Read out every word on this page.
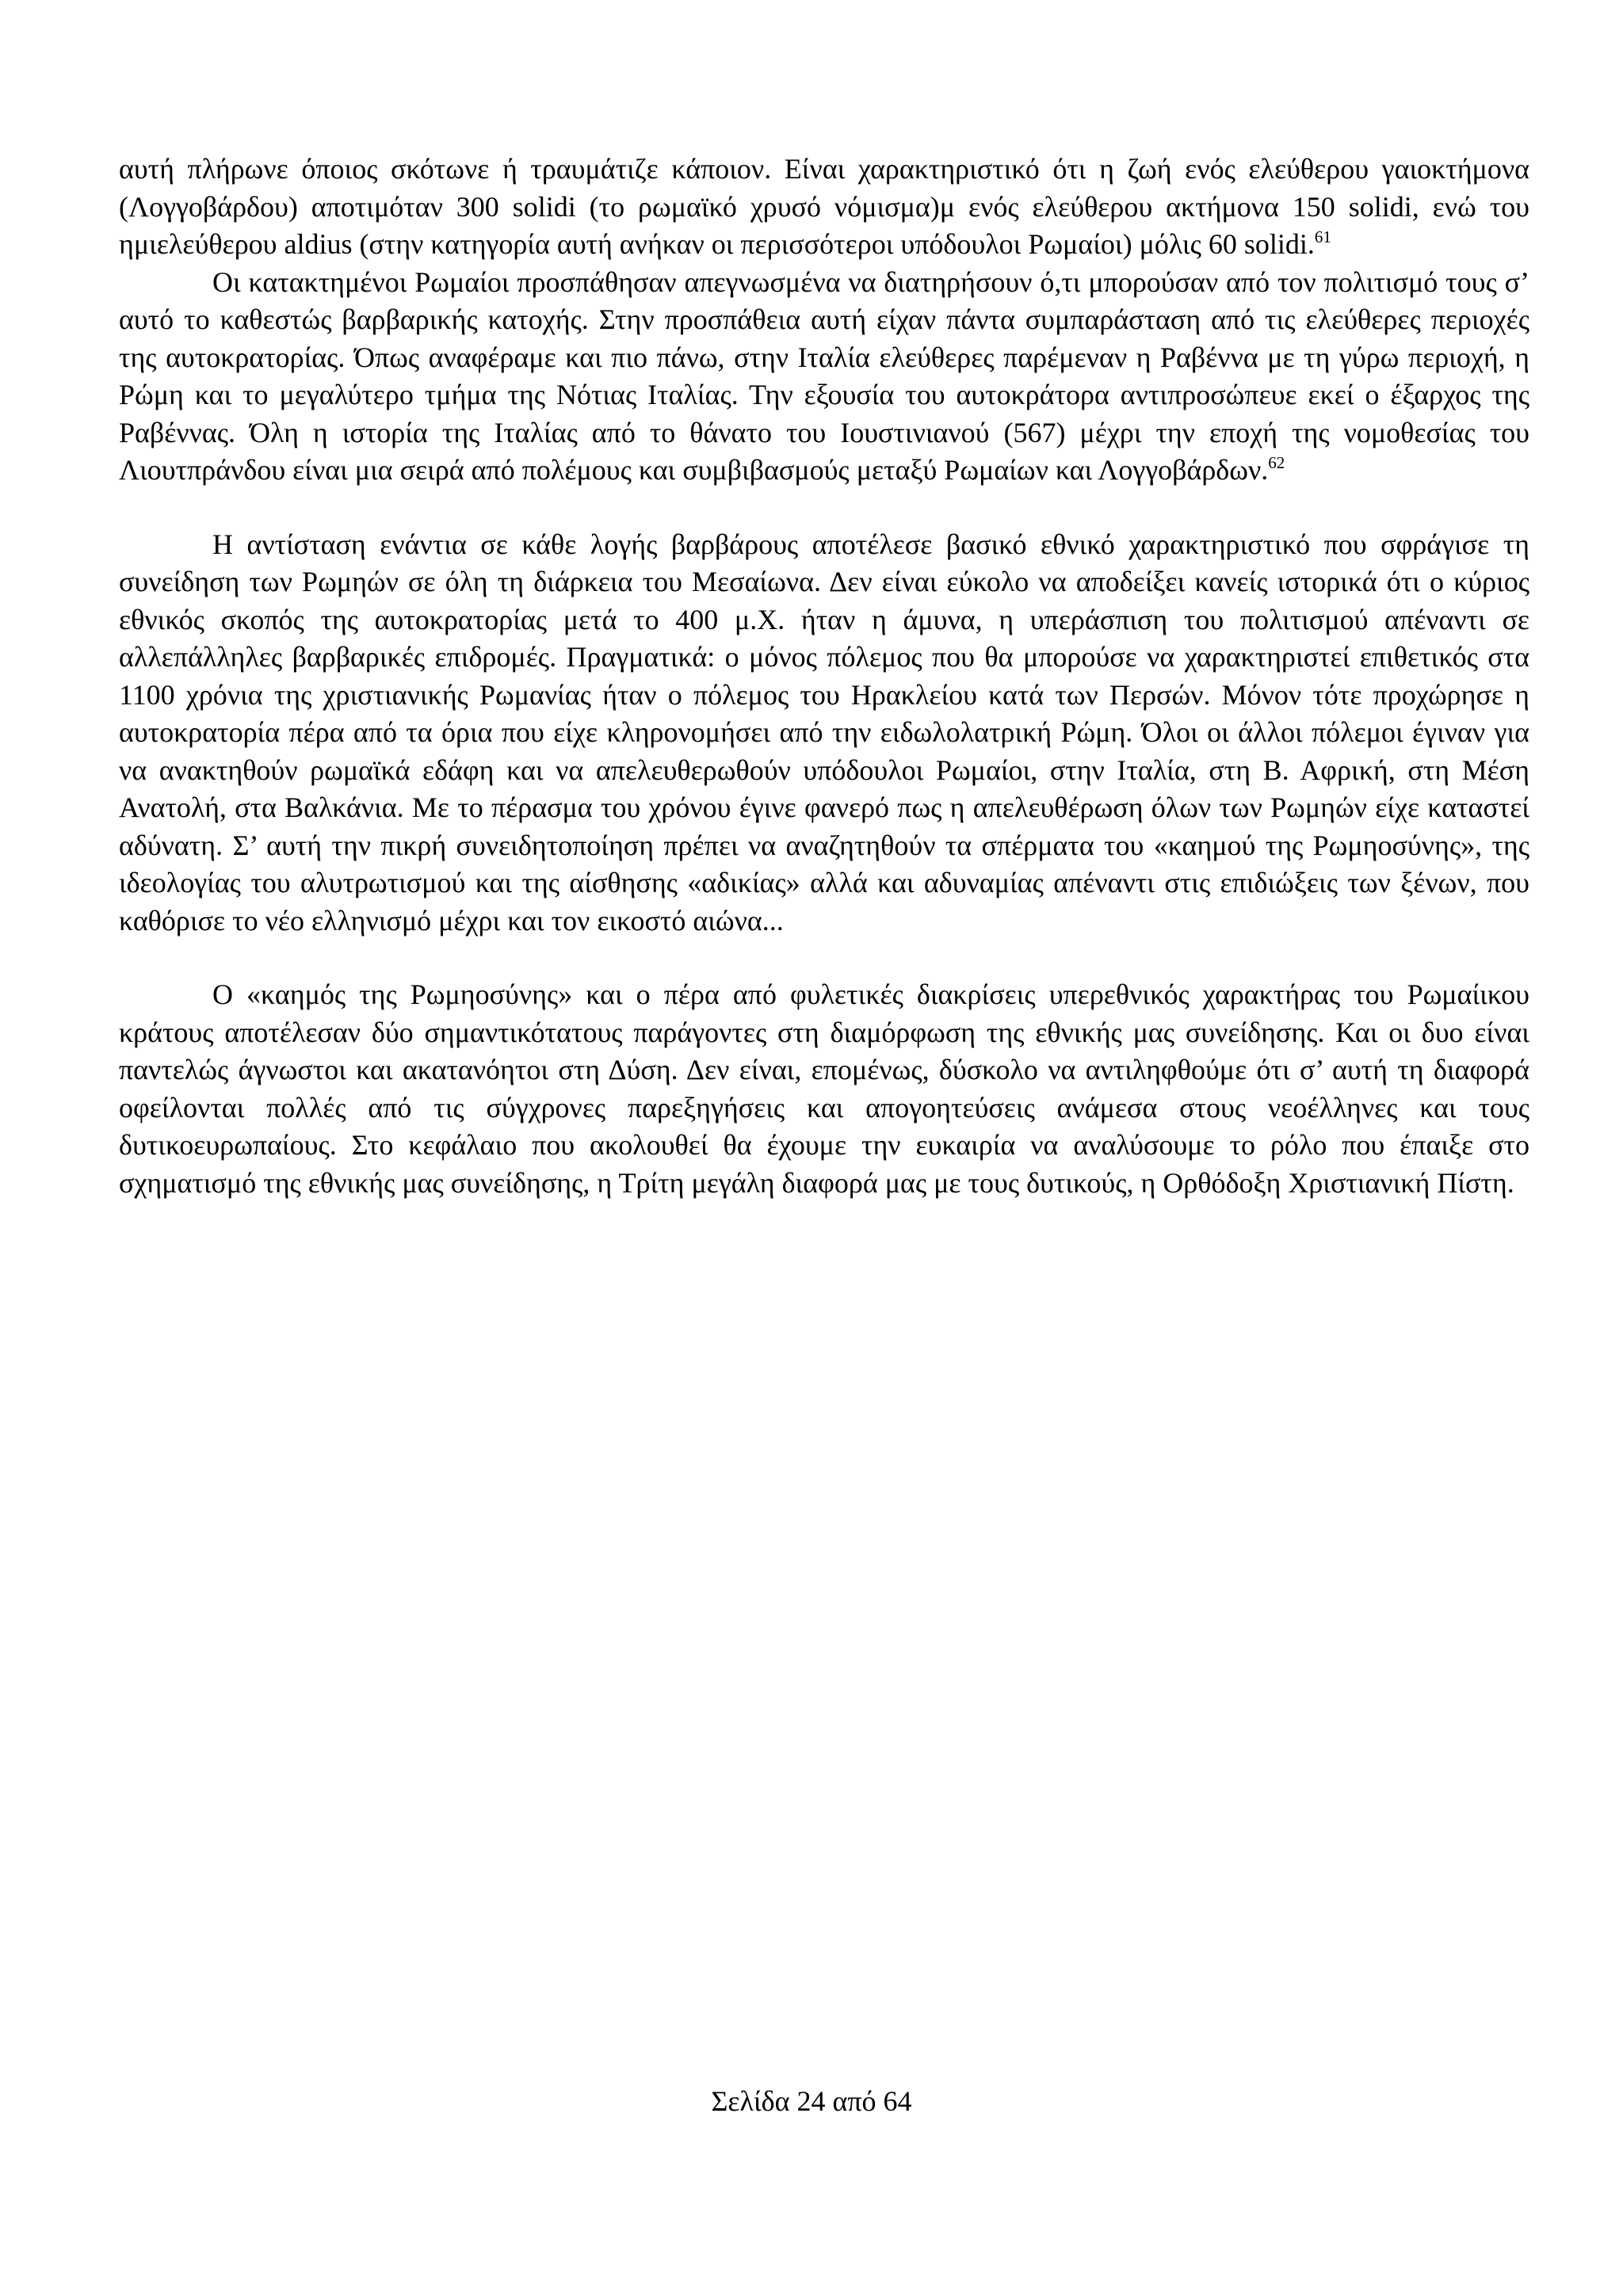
αυτή πλήρωνε όποιος σκότωνε ή τραυμάτιζε κάποιον. Είναι χαρακτηριστικό ότι η ζωή ενός ελεύθερου γαιοκτήμονα (Λογγοβάρδου) αποτιμόταν 300 solidi (το ρωμαϊκό χρυσό νόμισμα)μ ενός ελεύθερου ακτήμονα 150 solidi, ενώ του ημιελεύθερου aldius (στην κατηγορία αυτή ανήκαν οι περισσότεροι υπόδουλοι Ρωμαίοι) μόλις 60 solidi.$^{61}$

Οι κατακτημένοι Ρωμαίοι προσπάθησαν απεγνωσμένα να διατηρήσουν ό,τι μπορούσαν από τον πολιτισμό τους σ’ αυτό το καθεστώς βαρβαρικής κατοχής. Στην προσπάθεια αυτή είχαν πάντα συμπαράσταση από τις ελεύθερες περιοχές της αυτοκρατορίας. Όπως αναφέραμε και πιο πάνω, στην Ιταλία ελεύθερες παρέμεναν η Ραβέννα με τη γύρω περιοχή, η Ρώμη και το μεγαλύτερο τμήμα της Νότιας Ιταλίας. Την εξουσία του αυτοκράτορα αντιπροσώπευε εκεί ο έξαρχος της Ραβέννας. Όλη η ιστορία της Ιταλίας από το θάνατο του Ιουστινιανού (567) μέχρι την εποχή της νομοθεσίας του Λιουτπράνδου είναι μια σειρά από πολέμους και συμβιβασμούς μεταξύ Ρωμαίων και Λογγοβάρδων.$^{62}$

Η αντίσταση ενάντια σε κάθε λογής βαρβάρους αποτέλεσε βασικό εθνικό χαρακτηριστικό που σφράγισε τη συνείδηση των Ρωμηών σε όλη τη διάρκεια του Μεσαίωνα. Δεν είναι εύκολο να αποδείξει κανείς ιστορικά ότι ο κύριος εθνικός σκοπός της αυτοκρατορίας μετά το 400 μ.Χ. ήταν η άμυνα, η υπεράσπιση του πολιτισμού απέναντι σε αλλεπάλληλες βαρβαρικές επιδρομές. Πραγματικά: ο μόνος πόλεμος που θα μπορούσε να χαρακτηριστεί επιθετικός στα 1100 χρόνια της χριστιανικής Ρωμανίας ήταν ο πόλεμος του Ηρακλείου κατά των Περσών. Μόνον τότε προχώρησε η αυτοκρατορία πέρα από τα όρια που είχε κληρονομήσει από την ειδωλολατρική Ρώμη. Όλοι οι άλλοι πόλεμοι έγιναν για να ανακτηθούν ρωμαϊκά εδάφη και να απελευθερωθούν υπόδουλοι Ρωμαίοι, στην Ιταλία, στη Β. Αφρική, στη Μέση Ανατολή, στα Βαλκάνια. Με το πέρασμα του χρόνου έγινε φανερό πως η απελευθέρωση όλων των Ρωμηών είχε καταστεί αδύνατη. Σ’ αυτή την πικρή συνειδητοποίηση πρέπει να αναζητηθούν τα σπέρματα του «καημού της Ρωμηοσύνης», της ιδεολογίας του αλυτρωτισμού και της αίσθησης «αδικίας» αλλά και αδυναμίας απέναντι στις επιδιώξεις των ξένων, που καθόρισε το νέο ελληνισμό μέχρι και τον εικοστό αιώνα...

Ο «καημός της Ρωμηοσύνης» και ο πέρα από φυλετικές διακρίσεις υπερεθνικός χαρακτήρας του Ρωμαίικου κράτους αποτέλεσαν δύο σημαντικότατους παράγοντες στη διαμόρφωση της εθνικής μας συνείδησης. Και οι δυο είναι παντελώς άγνωστοι και ακατανόητοι στη Δύση. Δεν είναι, επομένως, δύσκολο να αντιληφθούμε ότι σ’ αυτή τη διαφορά οφείλονται πολλές από τις σύγχρονες παρεξηγήσεις και απογοητεύσεις ανάμεσα στους νεοέλληνες και τους δυτικοευρωπαίους. Στο κεφάλαιο που ακολουθεί θα έχουμε την ευκαιρία να αναλύσουμε το ρόλο που έπαιξε στο σχηματισμό της εθνικής μας συνείδησης, η Τρίτη μεγάλη διαφορά μας με τους δυτικούς, η Ορθόδοξη Χριστιανική Πίστη.

Σελίδα 24 από 64
